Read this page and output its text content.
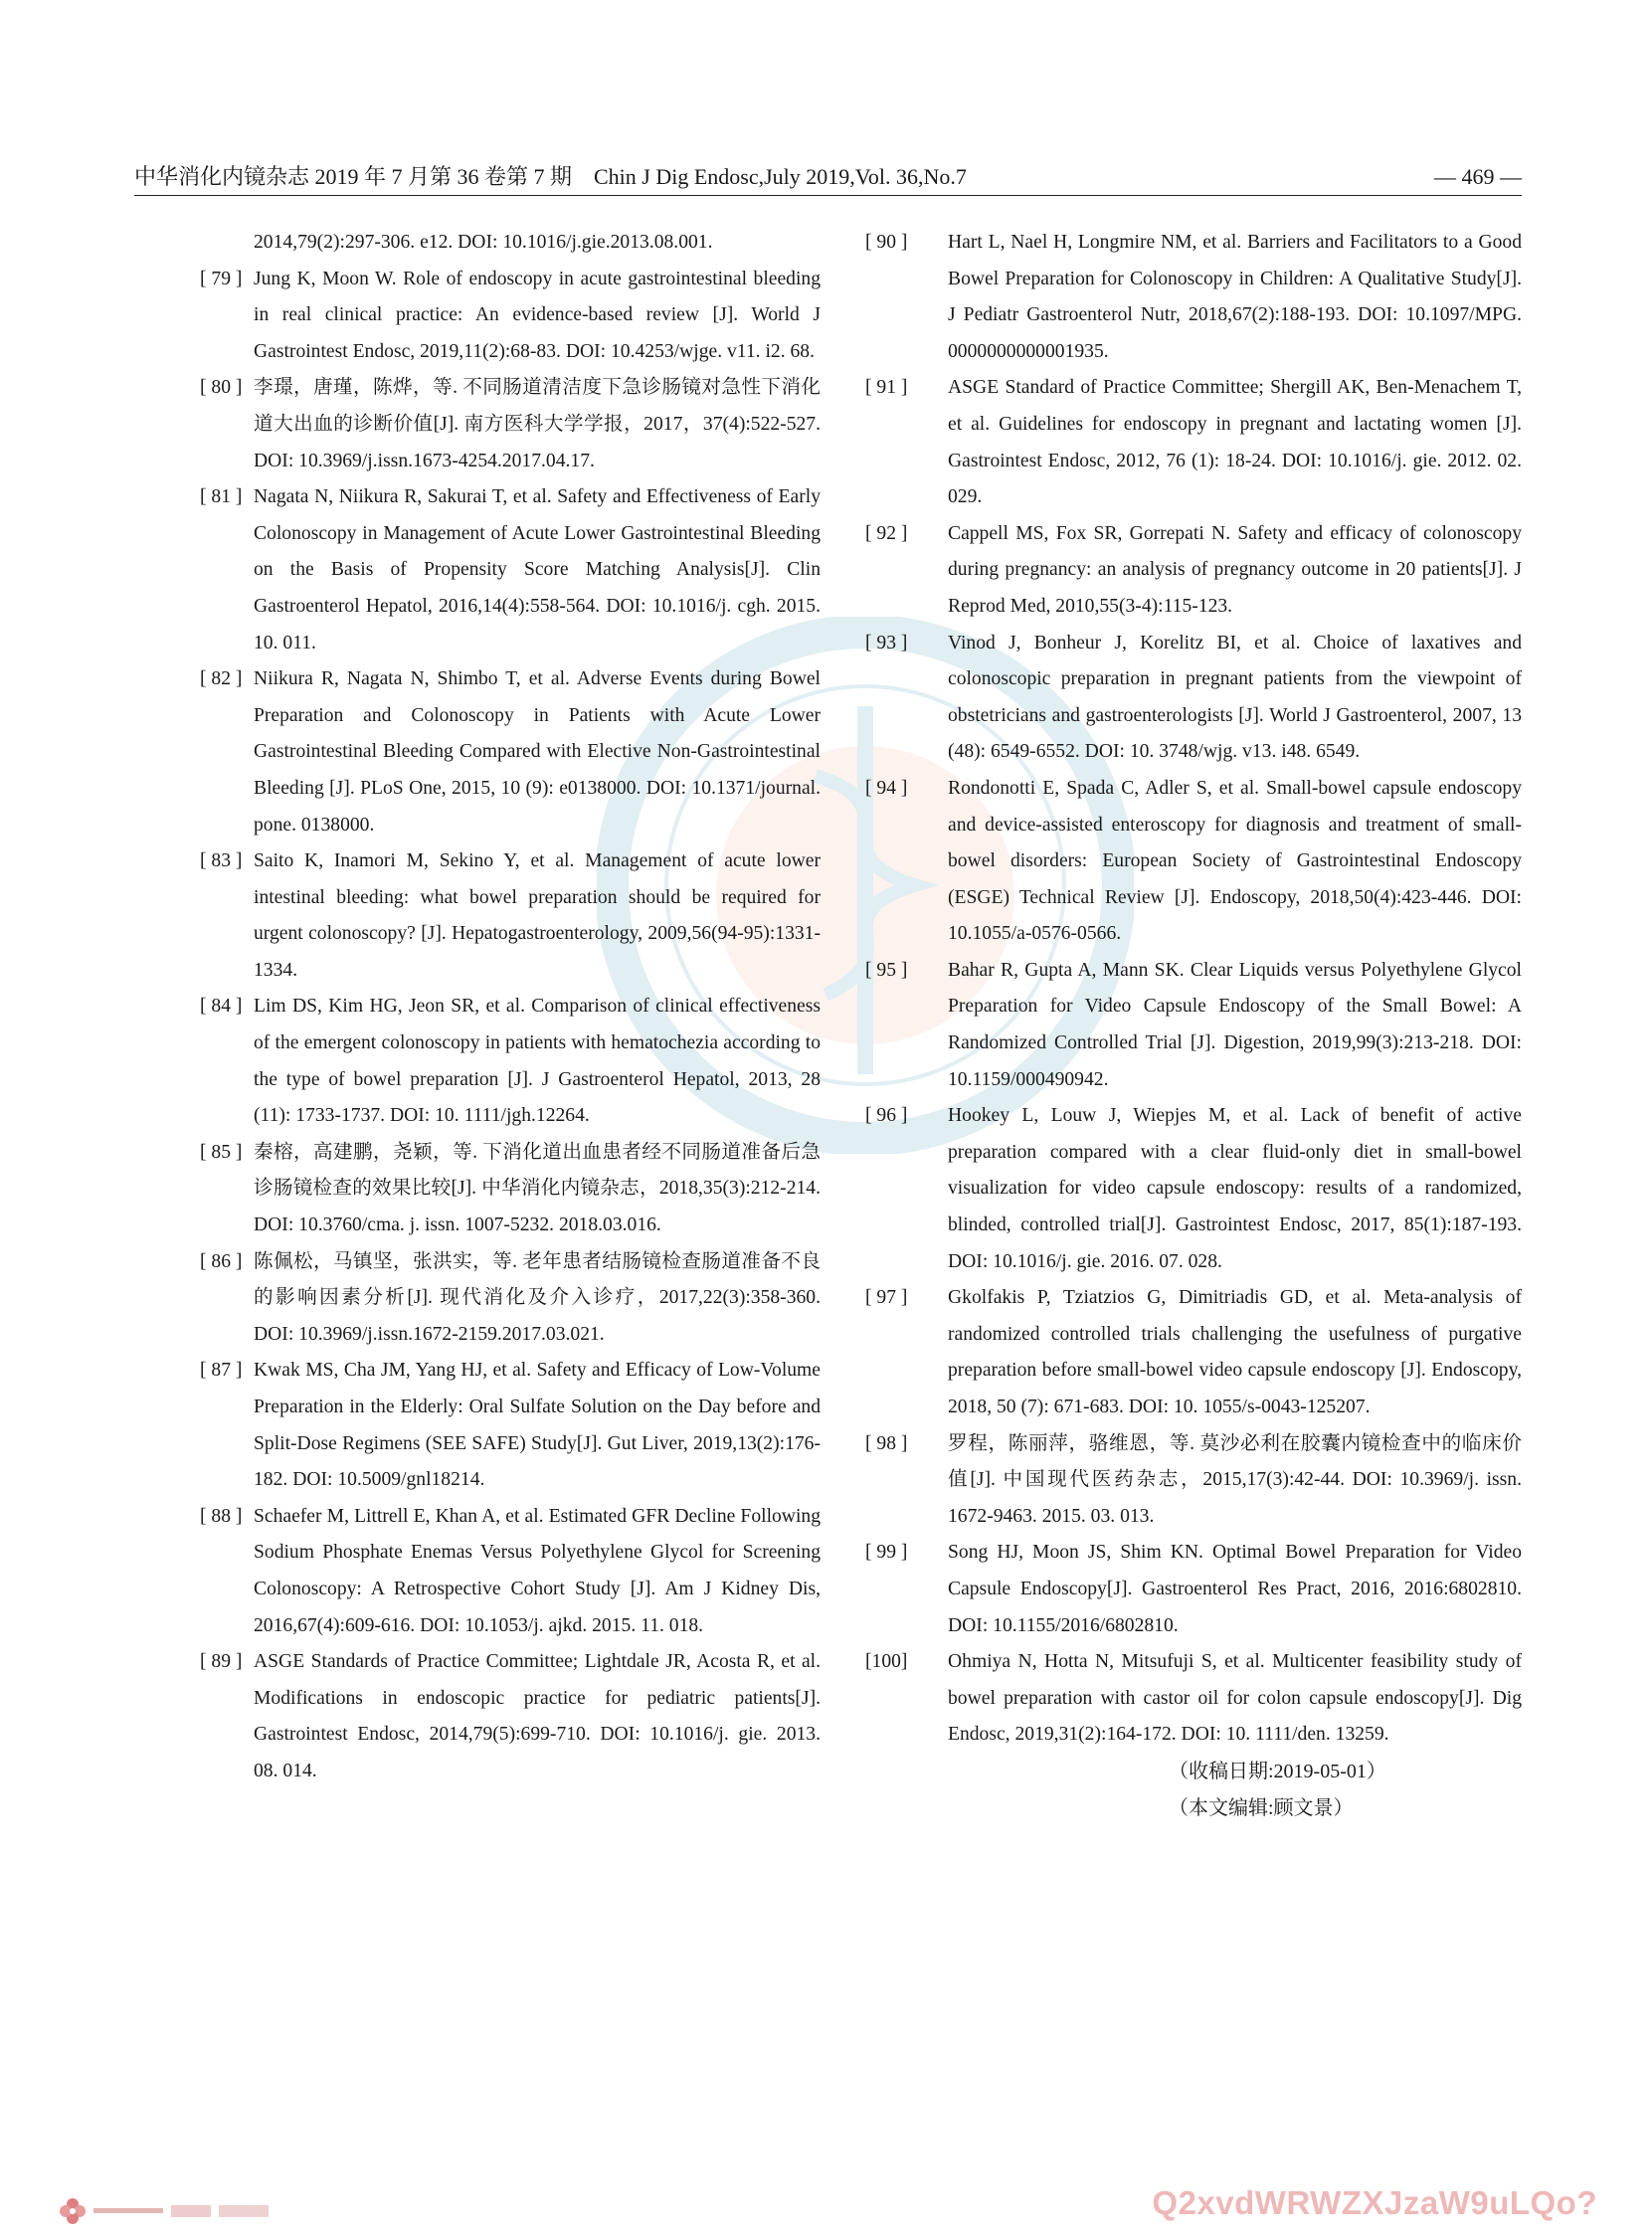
中华消化内镜杂志 2019 年 7 月第 36 卷第 7 期　Chin J Dig Endosc,July 2019,Vol. 36,No.7	— 469 —
2014,79(2):297-306. e12. DOI: 10.1016/j.gie.2013.08.001.
[ 79 ] Jung K, Moon W. Role of endoscopy in acute gastrointestinal bleeding in real clinical practice: An evidence-based review [J]. World J Gastrointest Endosc, 2019,11(2):68-83. DOI: 10.4253/wjge. v11. i2. 68.
[ 80 ] 李璟，唐瑾，陈烨，等. 不同肠道清洁度下急诊肠镜对急性下消化道大出血的诊断价值[J]. 南方医科大学学报，2017，37(4):522-527. DOI: 10.3969/j.issn.1673-4254.2017.04.17.
[ 81 ] Nagata N, Niikura R, Sakurai T, et al. Safety and Effectiveness of Early Colonoscopy in Management of Acute Lower Gastrointestinal Bleeding on the Basis of Propensity Score Matching Analysis[J]. Clin Gastroenterol Hepatol, 2016,14(4):558-564. DOI: 10.1016/j. cgh. 2015. 10. 011.
[ 82 ] Niikura R, Nagata N, Shimbo T, et al. Adverse Events during Bowel Preparation and Colonoscopy in Patients with Acute Lower Gastrointestinal Bleeding Compared with Elective Non-Gastrointestinal Bleeding [J]. PLoS One, 2015, 10 (9): e0138000. DOI: 10.1371/journal. pone. 0138000.
[ 83 ] Saito K, Inamori M, Sekino Y, et al. Management of acute lower intestinal bleeding: what bowel preparation should be required for urgent colonoscopy? [J]. Hepatogastroenterology, 2009,56(94-95):1331-1334.
[ 84 ] Lim DS, Kim HG, Jeon SR, et al. Comparison of clinical effectiveness of the emergent colonoscopy in patients with hematochezia according to the type of bowel preparation [J]. J Gastroenterol Hepatol, 2013, 28 (11): 1733-1737. DOI: 10. 1111/jgh.12264.
[ 85 ] 秦榕，高建鹏，尧颖，等. 下消化道出血患者经不同肠道准备后急诊肠镜检查的效果比较[J]. 中华消化内镜杂志，2018,35(3):212-214. DOI: 10.3760/cma. j. issn. 1007-5232. 2018.03.016.
[ 86 ] 陈佩松，马镇坚，张洪实，等. 老年患者结肠镜检查肠道准备不良的影响因素分析[J]. 现代消化及介入诊疗，2017,22(3):358-360. DOI: 10.3969/j.issn.1672-2159.2017.03.021.
[ 87 ] Kwak MS, Cha JM, Yang HJ, et al. Safety and Efficacy of Low-Volume Preparation in the Elderly: Oral Sulfate Solution on the Day before and Split-Dose Regimens (SEE SAFE) Study[J]. Gut Liver, 2019,13(2):176-182. DOI: 10.5009/gnl18214.
[ 88 ] Schaefer M, Littrell E, Khan A, et al. Estimated GFR Decline Following Sodium Phosphate Enemas Versus Polyethylene Glycol for Screening Colonoscopy: A Retrospective Cohort Study [J]. Am J Kidney Dis, 2016,67(4):609-616. DOI: 10.1053/j. ajkd. 2015. 11. 018.
[ 89 ] ASGE Standards of Practice Committee; Lightdale JR, Acosta R, et al. Modifications in endoscopic practice for pediatric patients[J]. Gastrointest Endosc, 2014,79(5):699-710. DOI: 10.1016/j. gie. 2013. 08. 014.
[ 90 ] Hart L, Nael H, Longmire NM, et al. Barriers and Facilitators to a Good Bowel Preparation for Colonoscopy in Children: A Qualitative Study[J]. J Pediatr Gastroenterol Nutr, 2018,67(2):188-193. DOI: 10.1097/MPG. 0000000000001935.
[ 91 ] ASGE Standard of Practice Committee; Shergill AK, Ben-Menachem T, et al. Guidelines for endoscopy in pregnant and lactating women [J]. Gastrointest Endosc, 2012, 76 (1): 18-24. DOI: 10.1016/j. gie. 2012. 02. 029.
[ 92 ] Cappell MS, Fox SR, Gorrepati N. Safety and efficacy of colonoscopy during pregnancy: an analysis of pregnancy outcome in 20 patients[J]. J Reprod Med, 2010,55(3-4):115-123.
[ 93 ] Vinod J, Bonheur J, Korelitz BI, et al. Choice of laxatives and colonoscopic preparation in pregnant patients from the viewpoint of obstetricians and gastroenterologists [J]. World J Gastroenterol, 2007, 13 (48): 6549-6552. DOI: 10. 3748/wjg. v13. i48. 6549.
[ 94 ] Rondonotti E, Spada C, Adler S, et al. Small-bowel capsule endoscopy and device-assisted enteroscopy for diagnosis and treatment of small-bowel disorders: European Society of Gastrointestinal Endoscopy (ESGE) Technical Review [J]. Endoscopy, 2018,50(4):423-446. DOI: 10.1055/a-0576-0566.
[ 95 ] Bahar R, Gupta A, Mann SK. Clear Liquids versus Polyethylene Glycol Preparation for Video Capsule Endoscopy of the Small Bowel: A Randomized Controlled Trial [J]. Digestion, 2019,99(3):213-218. DOI: 10.1159/000490942.
[ 96 ] Hookey L, Louw J, Wiepjes M, et al. Lack of benefit of active preparation compared with a clear fluid-only diet in small-bowel visualization for video capsule endoscopy: results of a randomized, blinded, controlled trial[J]. Gastrointest Endosc, 2017, 85(1):187-193. DOI: 10.1016/j. gie. 2016. 07. 028.
[ 97 ] Gkolfakis P, Tziatzios G, Dimitriadis GD, et al. Meta-analysis of randomized controlled trials challenging the usefulness of purgative preparation before small-bowel video capsule endoscopy [J]. Endoscopy, 2018, 50 (7): 671-683. DOI: 10. 1055/s-0043-125207.
[ 98 ] 罗程，陈丽萍，骆维恩，等. 莫沙必利在胶囊内镜检查中的临床价值[J]. 中国现代医药杂志，2015,17(3):42-44. DOI: 10.3969/j. issn. 1672-9463. 2015. 03. 013.
[ 99 ] Song HJ, Moon JS, Shim KN. Optimal Bowel Preparation for Video Capsule Endoscopy[J]. Gastroenterol Res Pract, 2016, 2016:6802810. DOI: 10.1155/2016/6802810.
[100] Ohmiya N, Hotta N, Mitsufuji S, et al. Multicenter feasibility study of bowel preparation with castor oil for colon capsule endoscopy[J]. Dig Endosc, 2019,31(2):164-172. DOI: 10. 1111/den. 13259.
（收稿日期:2019-05-01）
（本文编辑:顾文景）
Q2xvdWRWZXJzaW9uLQo?
